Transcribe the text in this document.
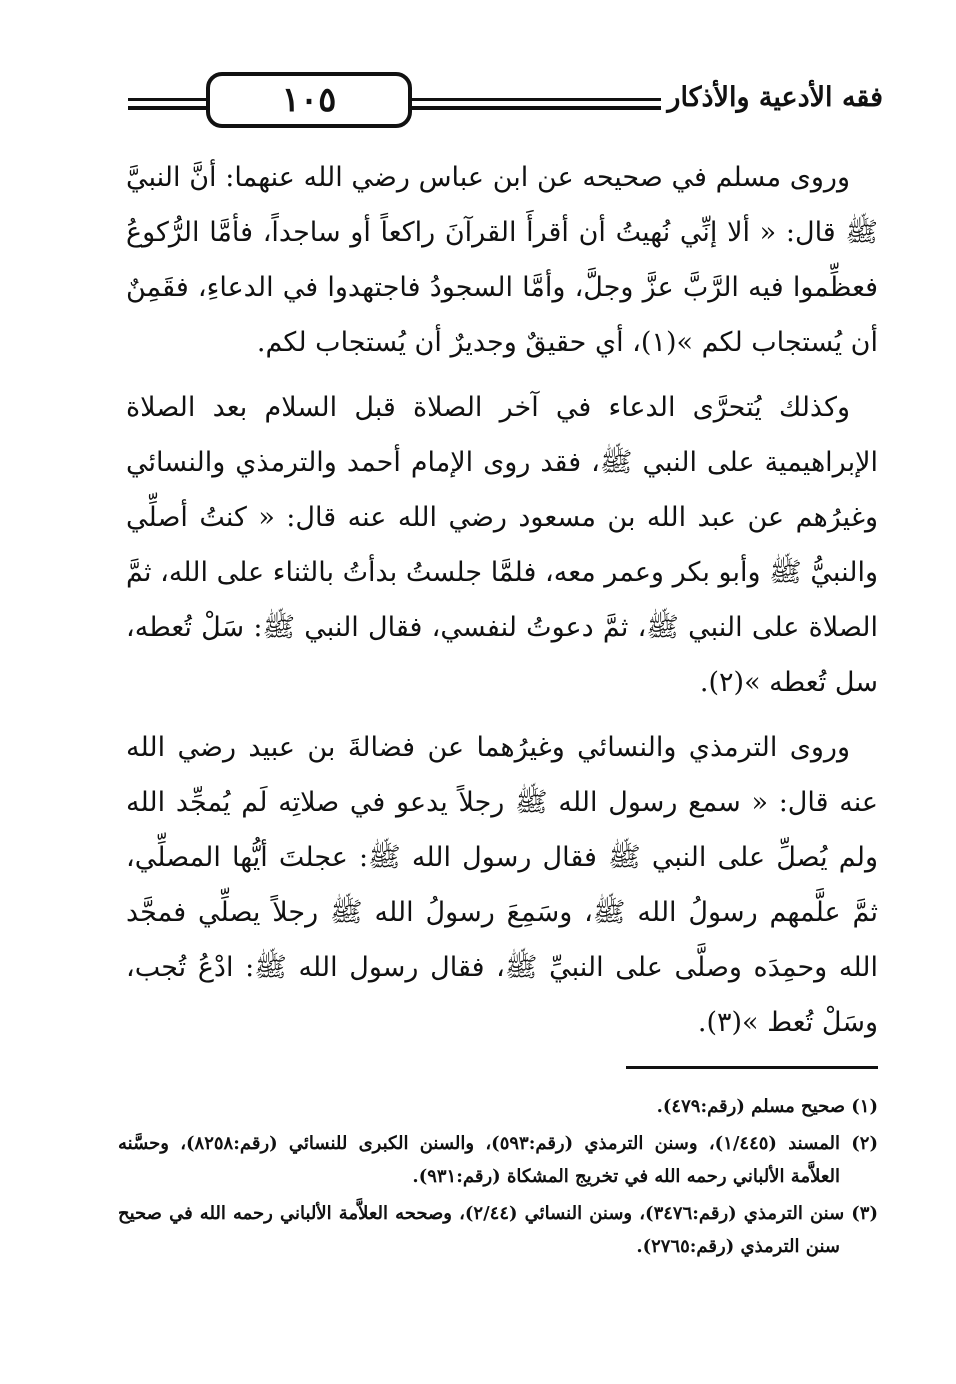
١٠٥	فقه الأدعية والأذكار

وروى مسلم في صحيحه عن ابن عباس رضي الله عنهما: أنَّ النبيَّ ﷺ قال: « ألا إنِّي نُهيتُ أن أقرأَ القرآنَ راكعاً أو ساجداً، فأمَّا الرُّكوعُ فعظِّموا فيه الرَّبَّ عزَّ وجلَّ، وأمَّا السجودُ فاجتهدوا في الدعاءِ، فقَمِنٌ أن يُستجاب لكم »(١)، أي حقيقٌ وجديرٌ أن يُستجاب لكم.

وكذلك يُتحرَّى الدعاء في آخر الصلاة قبل السلام بعد الصلاة الإبراهيمية على النبي ﷺ، فقد روى الإمام أحمد والترمذي والنسائي وغيرُهم عن عبد الله بن مسعود رضي الله عنه قال: « كنتُ أصلِّي والنبيُّ ﷺ وأبو بكر وعمر معه، فلمَّا جلستُ بدأتُ بالثناء على الله، ثمَّ الصلاة على النبي ﷺ، ثمَّ دعوتُ لنفسي، فقال النبي ﷺ: سَلْ تُعطه، سل تُعطه »(٢).

وروى الترمذي والنسائي وغيرُهما عن فضالةَ بن عبيد رضي الله عنه قال: « سمع رسول الله ﷺ رجلاً يدعو في صلاتِه لَم يُمجِّد الله ولم يُصلِّ على النبي ﷺ فقال رسول الله ﷺ: عجلتَ أيُّها المصلِّي، ثمَّ علَّمهم رسولُ الله ﷺ، وسَمِعَ رسولُ الله ﷺ رجلاً يصلِّي فمجَّد الله وحمِدَه وصلَّى على النبيِّ ﷺ، فقال رسول الله ﷺ: ادْعُ تُجب، وسَلْ تُعط »(٣).

(١) صحيح مسلم (رقم:٤٧٩).

(٢) المسند (١/٤٤٥)، وسنن الترمذي (رقم:٥٩٣)، والسنن الكبرى للنسائي (رقم:٨٢٥٨)، وحسَّنه العلاَّمة الألباني رحمه الله في تخريج المشكاة (رقم:٩٣١).

(٣) سنن الترمذي (رقم:٣٤٧٦)، وسنن النسائي (٢/٤٤)، وصححه العلاَّمة الألباني رحمه الله في صحيح سنن الترمذي (رقم:٢٧٦٥).
